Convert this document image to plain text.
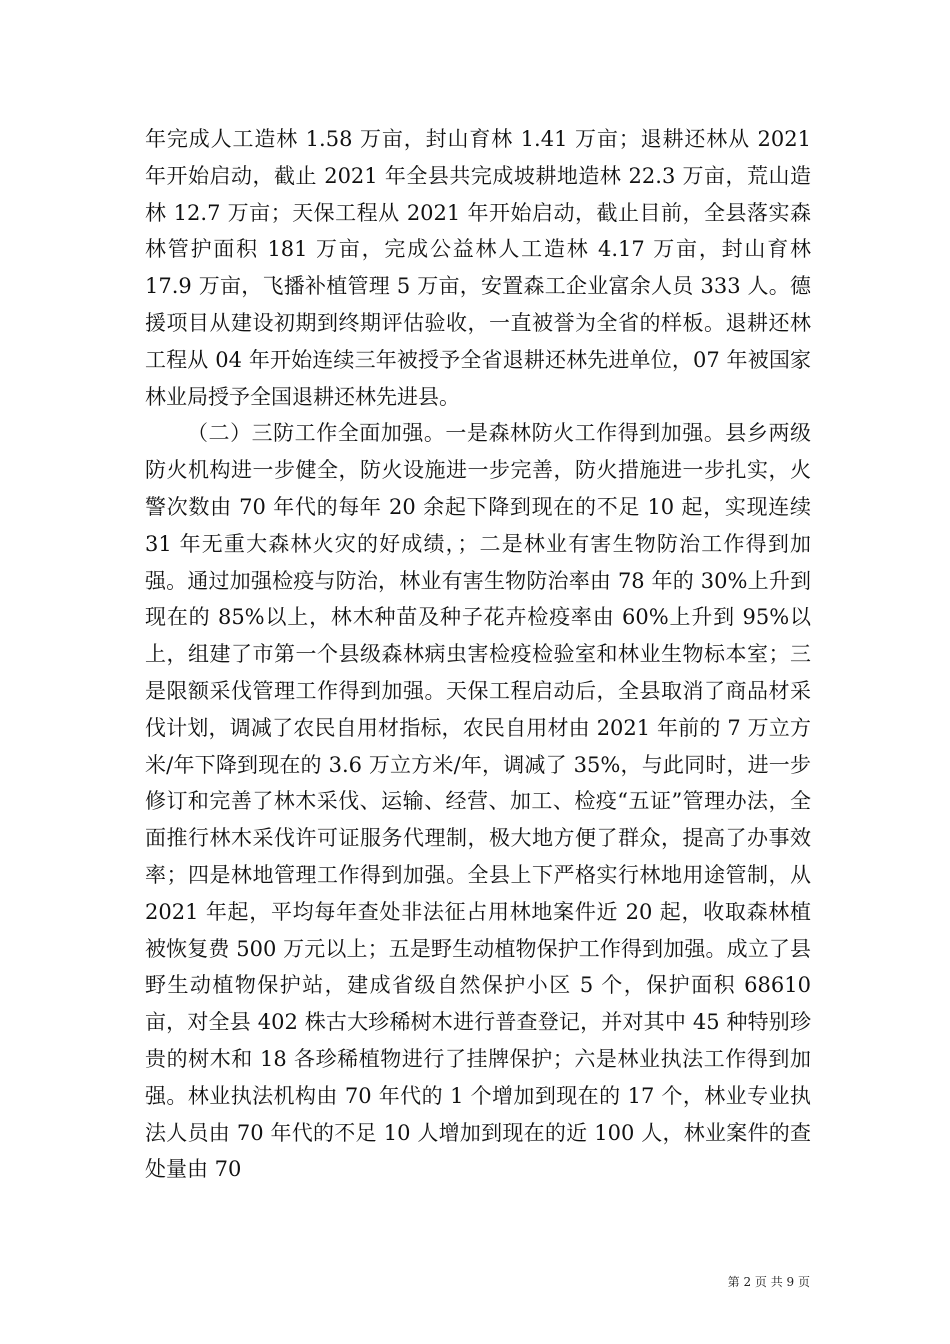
年完成人工造林 1.58 万亩，封山育林 1.41 万亩；退耕还林从 2021 年开始启动，截止 2021 年全县共完成坡耕地造林 22.3 万亩，荒山造林 12.7 万亩；天保工程从 2021 年开始启动，截止目前，全县落实森林管护面积 181 万亩，完成公益林人工造林 4.17 万亩，封山育林 17.9 万亩，飞播补植管理 5 万亩，安置森工企业富余人员 333 人。德援项目从建设初期到终期评估验收，一直被誉为全省的样板。退耕还林工程从 04 年开始连续三年被授予全省退耕还林先进单位，07 年被国家林业局授予全国退耕还林先进县。

（二）三防工作全面加强。一是森林防火工作得到加强。县乡两级防火机构进一步健全，防火设施进一步完善，防火措施进一步扎实，火警次数由 70 年代的每年 20 余起下降到现在的不足 10 起，实现连续 31 年无重大森林火灾的好成绩，；二是林业有害生物防治工作得到加强。通过加强检疫与防治，林业有害生物防治率由 78 年的 30%上升到现在的 85%以上，林木种苗及种子花卉检疫率由 60%上升到 95%以上，组建了市第一个县级森林病虫害检疫检验室和林业生物标本室；三是限额采伐管理工作得到加强。天保工程启动后，全县取消了商品材采伐计划，调减了农民自用材指标，农民自用材由 2021 年前的 7 万立方米/年下降到现在的 3.6 万立方米/年，调减了 35%，与此同时，进一步修订和完善了林木采伐、运输、经营、加工、检疫“五证”管理办法，全面推行林木采伐许可证服务代理制，极大地方便了群众，提高了办事效率；四是林地管理工作得到加强。全县上下严格实行林地用途管制，从 2021 年起，平均每年查处非法征占用林地案件近 20 起，收取森林植被恢复费 500 万元以上；五是野生动植物保护工作得到加强。成立了县野生动植物保护站，建成省级自然保护小区 5 个，保护面积 68610 亩，对全县 402 株古大珍稀树木进行普查登记，并对其中 45 种特别珍贵的树木和 18 各珍稀植物进行了挂牌保护；六是林业执法工作得到加强。林业执法机构由 70 年代的 1 个增加到现在的 17 个，林业专业执法人员由 70 年代的不足 10 人增加到现在的近 100 人，林业案件的查处量由 70

第 2 页 共 9 页
